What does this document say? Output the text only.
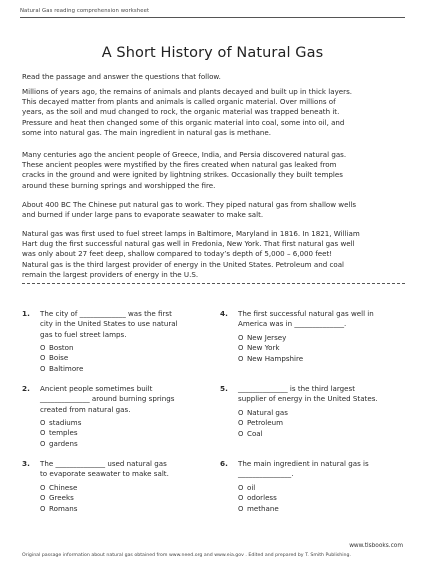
Natural Gas reading comprehension worksheet
A Short History of Natural Gas
Read the passage and answer the questions that follow.
Millions of years ago, the remains of animals and plants decayed and built up in thick layers.
This decayed matter from plants and animals is called organic material. Over millions of
years, as the soil and mud changed to rock, the organic material was trapped beneath it.
Pressure and heat then changed some of this organic material into coal, some into oil, and
some into natural gas. The main ingredient in natural gas is methane.
Many centuries ago the ancient people of Greece, India, and Persia discovered natural gas.
These ancient peoples were mystified by the fires created when natural gas leaked from
cracks in the ground and were ignited by lightning strikes. Occasionally they built temples
around these burning springs and worshipped the fire.
About 400 BC The Chinese put natural gas to work. They piped natural gas from shallow wells
and burned if under large pans to evaporate seawater to make salt.
Natural gas was first used to fuel street lamps in Baltimore, Maryland in 1816. In 1821, William
Hart dug the first successful natural gas well in Fredonia, New York. That first natural gas well
was only about 27 feet deep, shallow compared to today’s depth of 5,000 – 6,000 feet!
Natural gas is the third largest provider of energy in the United States. Petroleum and coal
remain the largest providers of energy in the U.S.
1. The city of _____________ was the first
city in the United States to use natural
gas to fuel street lamps.
O Boston
O Boise
O Baltimore
2. Ancient people sometimes built
______________ around burning springs
created from natural gas.
O stadiums
O temples
O gardens
3. The ______________ used natural gas
to evaporate seawater to make salt.
O Chinese
O Greeks
O Romans
4. The first successful natural gas well in
America was in ______________.
O New Jersey
O New York
O New Hampshire
5. ______________ is the third largest
supplier of energy in the United States.
O Natural gas
O Petroleum
O Coal
6. The main ingredient in natural gas is
_______________.
O oil
O odorless
O methane
www.tlsbooks.com
Original passage information about natural gas obtained from www.need.org and www.eia.gov . Edited and prepared by T. Smith Publishing.
